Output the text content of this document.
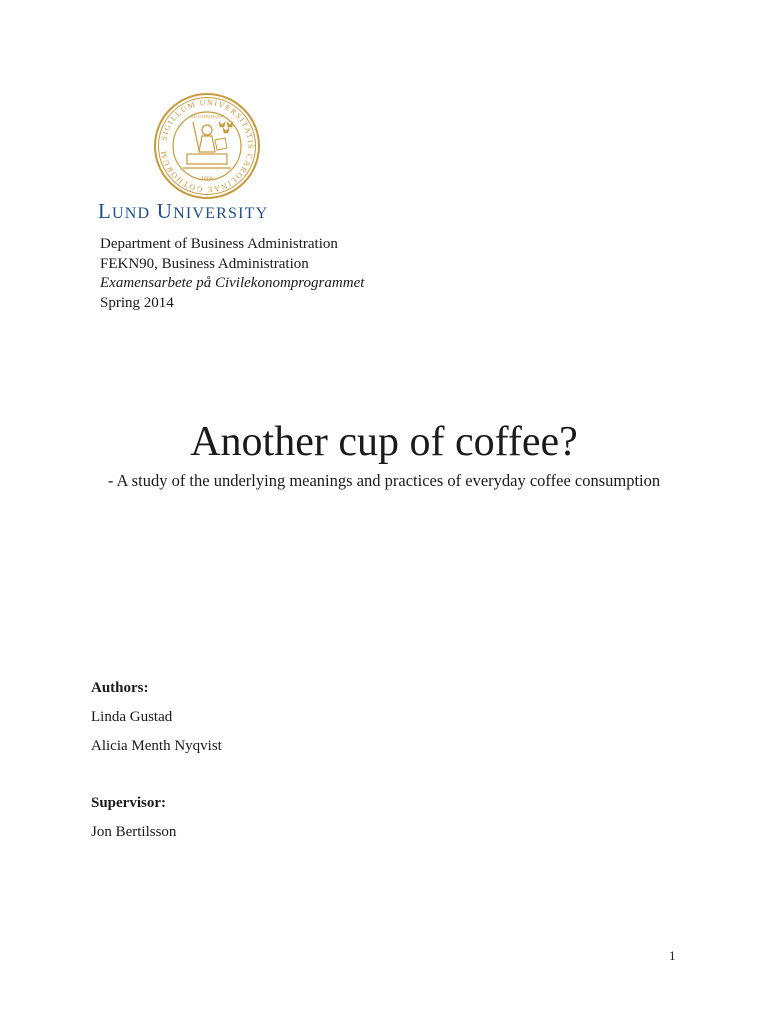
SIGILLUM UNIVERSITATIS CAROLINAE GOTHORUM
1666
AD UTRUMQUE
LUND UNIVERSITY
Department of Business Administration
FEKN90, Business Administration
Examensarbete på Civilekonomprogrammet
Spring 2014
Another cup of coffee?
- A study of the underlying meanings and practices of everyday coffee consumption
Authors:
Linda Gustad
Alicia Menth Nyqvist
Supervisor:
Jon Bertilsson
1
